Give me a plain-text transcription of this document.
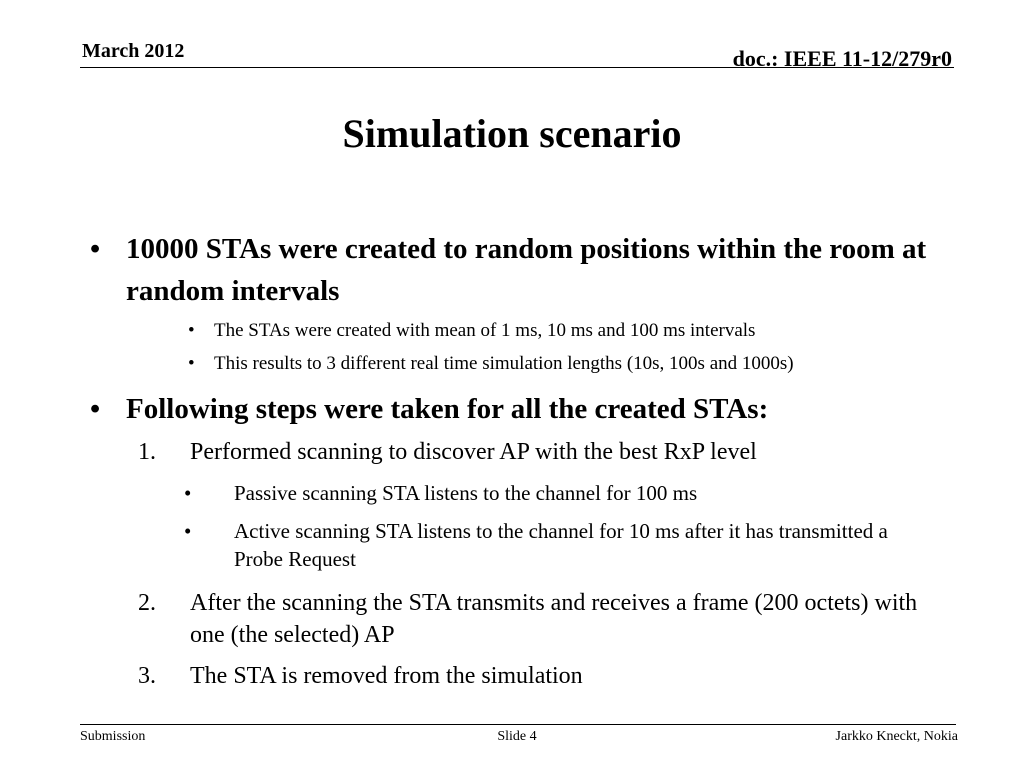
March 2012	doc.: IEEE 11-12/279r0
Simulation scenario
• 10000 STAs were created to random positions within the room at random intervals
•	The STAs were created with mean of 1 ms, 10 ms and 100 ms intervals
•	This results to 3 different real time simulation lengths (10s, 100s and 1000s)
• Following steps were taken for all the created STAs:
1.	Performed scanning to discover AP with the best RxP level
•	Passive scanning STA listens to the channel for 100 ms
•	Active scanning STA listens to the channel for 10 ms after it has transmitted a Probe Request
2.	After the scanning the STA transmits and receives a frame (200 octets) with one (the selected) AP
3.	The STA is removed from the simulation
Submission	Slide 4	Jarkko Kneckt, Nokia
